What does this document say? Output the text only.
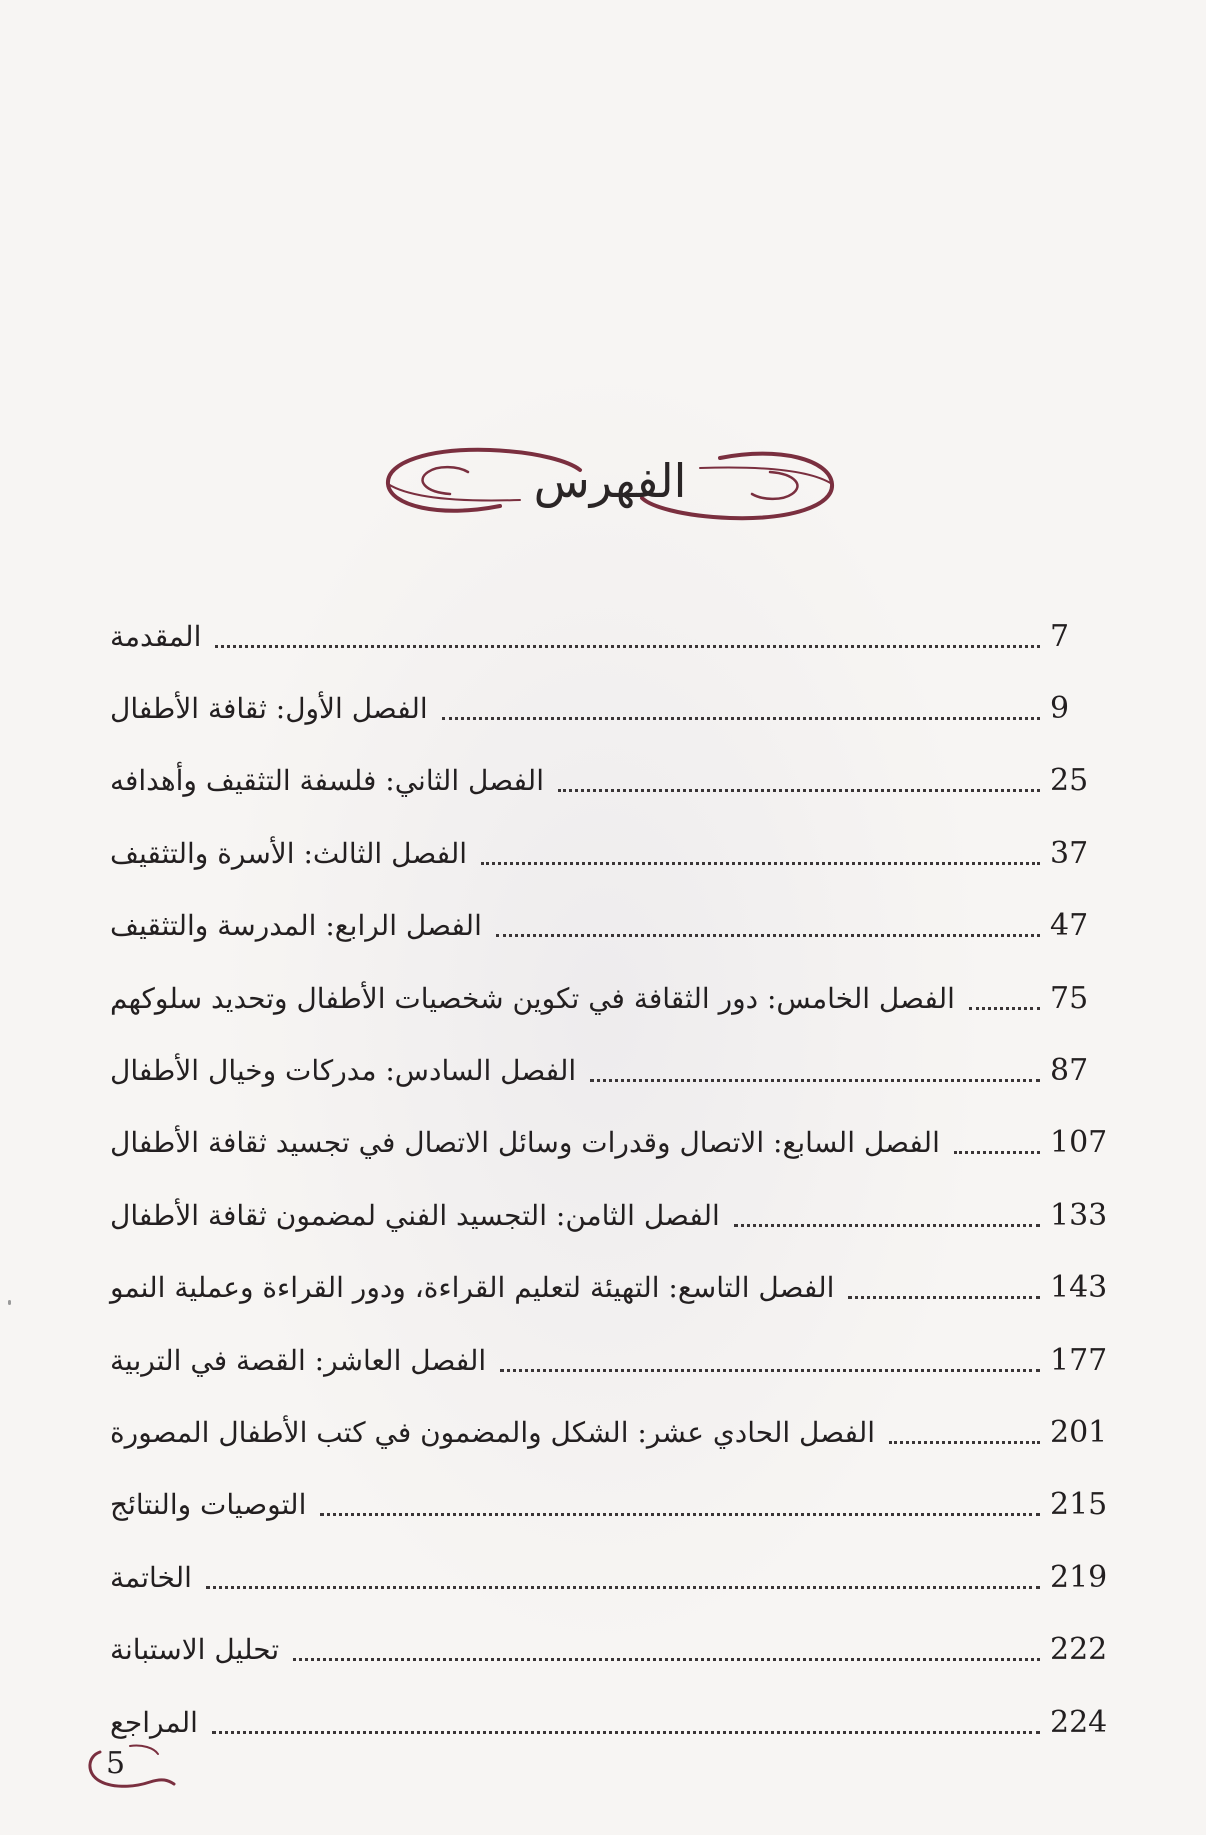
الفهرس
المقدمة	7
الفصل الأول: ثقافة الأطفال	9
الفصل الثاني: فلسفة التثقيف وأهدافه	25
الفصل الثالث: الأسرة والتثقيف	37
الفصل الرابع: المدرسة والتثقيف	47
الفصل الخامس: دور الثقافة في تكوين شخصيات الأطفال وتحديد سلوكهم	75
الفصل السادس: مدركات وخيال الأطفال	87
الفصل السابع: الاتصال وقدرات وسائل الاتصال في تجسيد ثقافة الأطفال	107
الفصل الثامن: التجسيد الفني لمضمون ثقافة الأطفال	133
الفصل التاسع: التهيئة لتعليم القراءة، ودور القراءة وعملية النمو	143
الفصل العاشر: القصة في التربية	177
الفصل الحادي عشر: الشكل والمضمون في كتب الأطفال المصورة	201
التوصيات والنتائج	215
الخاتمة	219
تحليل الاستبانة	222
المراجع	224
5
